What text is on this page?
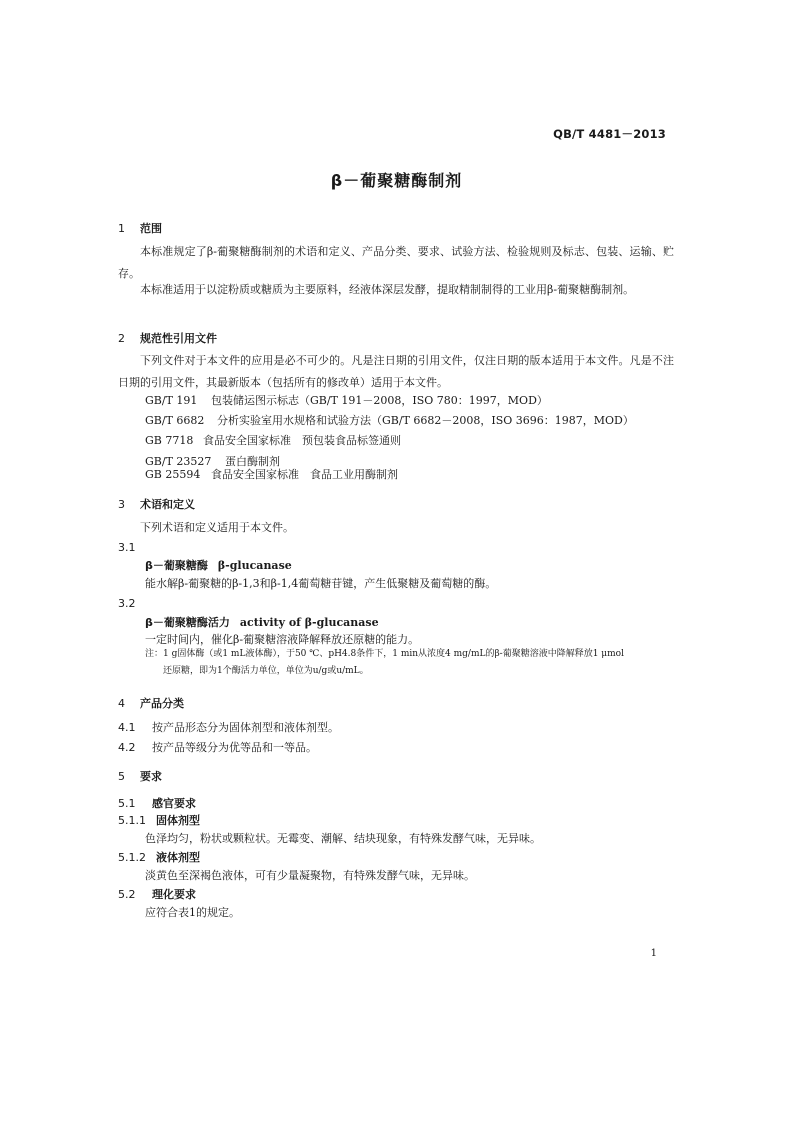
QB/T 4481－2013
β－葡聚糖酶制剂
1 范围
本标准规定了β-葡聚糖酶制剂的术语和定义、产品分类、要求、试验方法、检验规则及标志、包装、运输、贮存。
本标准适用于以淀粉质或糖质为主要原料，经液体深层发酵，提取精制制得的工业用β-葡聚糖酶制剂。
2 规范性引用文件
下列文件对于本文件的应用是必不可少的。凡是注日期的引用文件，仅注日期的版本适用于本文件。凡是不注日期的引用文件，其最新版本（包括所有的修改单）适用于本文件。
GB/T 191 包装储运图示标志（GB/T 191－2008，ISO 780：1997，MOD）
GB/T 6682 分析实验室用水规格和试验方法（GB/T 6682－2008，ISO 3696：1987，MOD）
GB 7718 食品安全国家标准　预包装食品标签通则
GB/T 23527 蛋白酶制剂
GB 25594 食品安全国家标准　食品工业用酶制剂
3 术语和定义
下列术语和定义适用于本文件。
3.1
β－葡聚糖酶 β-glucanase
能水解β-葡聚糖的β-1,3和β-1,4葡萄糖苷键，产生低聚糖及葡萄糖的酶。
3.2
β－葡聚糖酶活力 activity of β-glucanase
一定时间内，催化β-葡聚糖溶液降解释放还原糖的能力。
注：1 g固体酶（或1 mL液体酶），于50 ℃、pH4.8条件下，1 min从浓度4 mg/mL的β-葡聚糖溶液中降解释放1 μmol
还原糖，即为1个酶活力单位，单位为u/g或u/mL。
4 产品分类
4.1 按产品形态分为固体剂型和液体剂型。
4.2 按产品等级分为优等品和一等品。
5 要求
5.1 感官要求
5.1.1 固体剂型
色泽均匀，粉状或颗粒状。无霉变、潮解、结块现象，有特殊发酵气味，无异味。
5.1.2 液体剂型
淡黄色至深褐色液体，可有少量凝聚物，有特殊发酵气味，无异味。
5.2 理化要求
应符合表1的规定。
1
